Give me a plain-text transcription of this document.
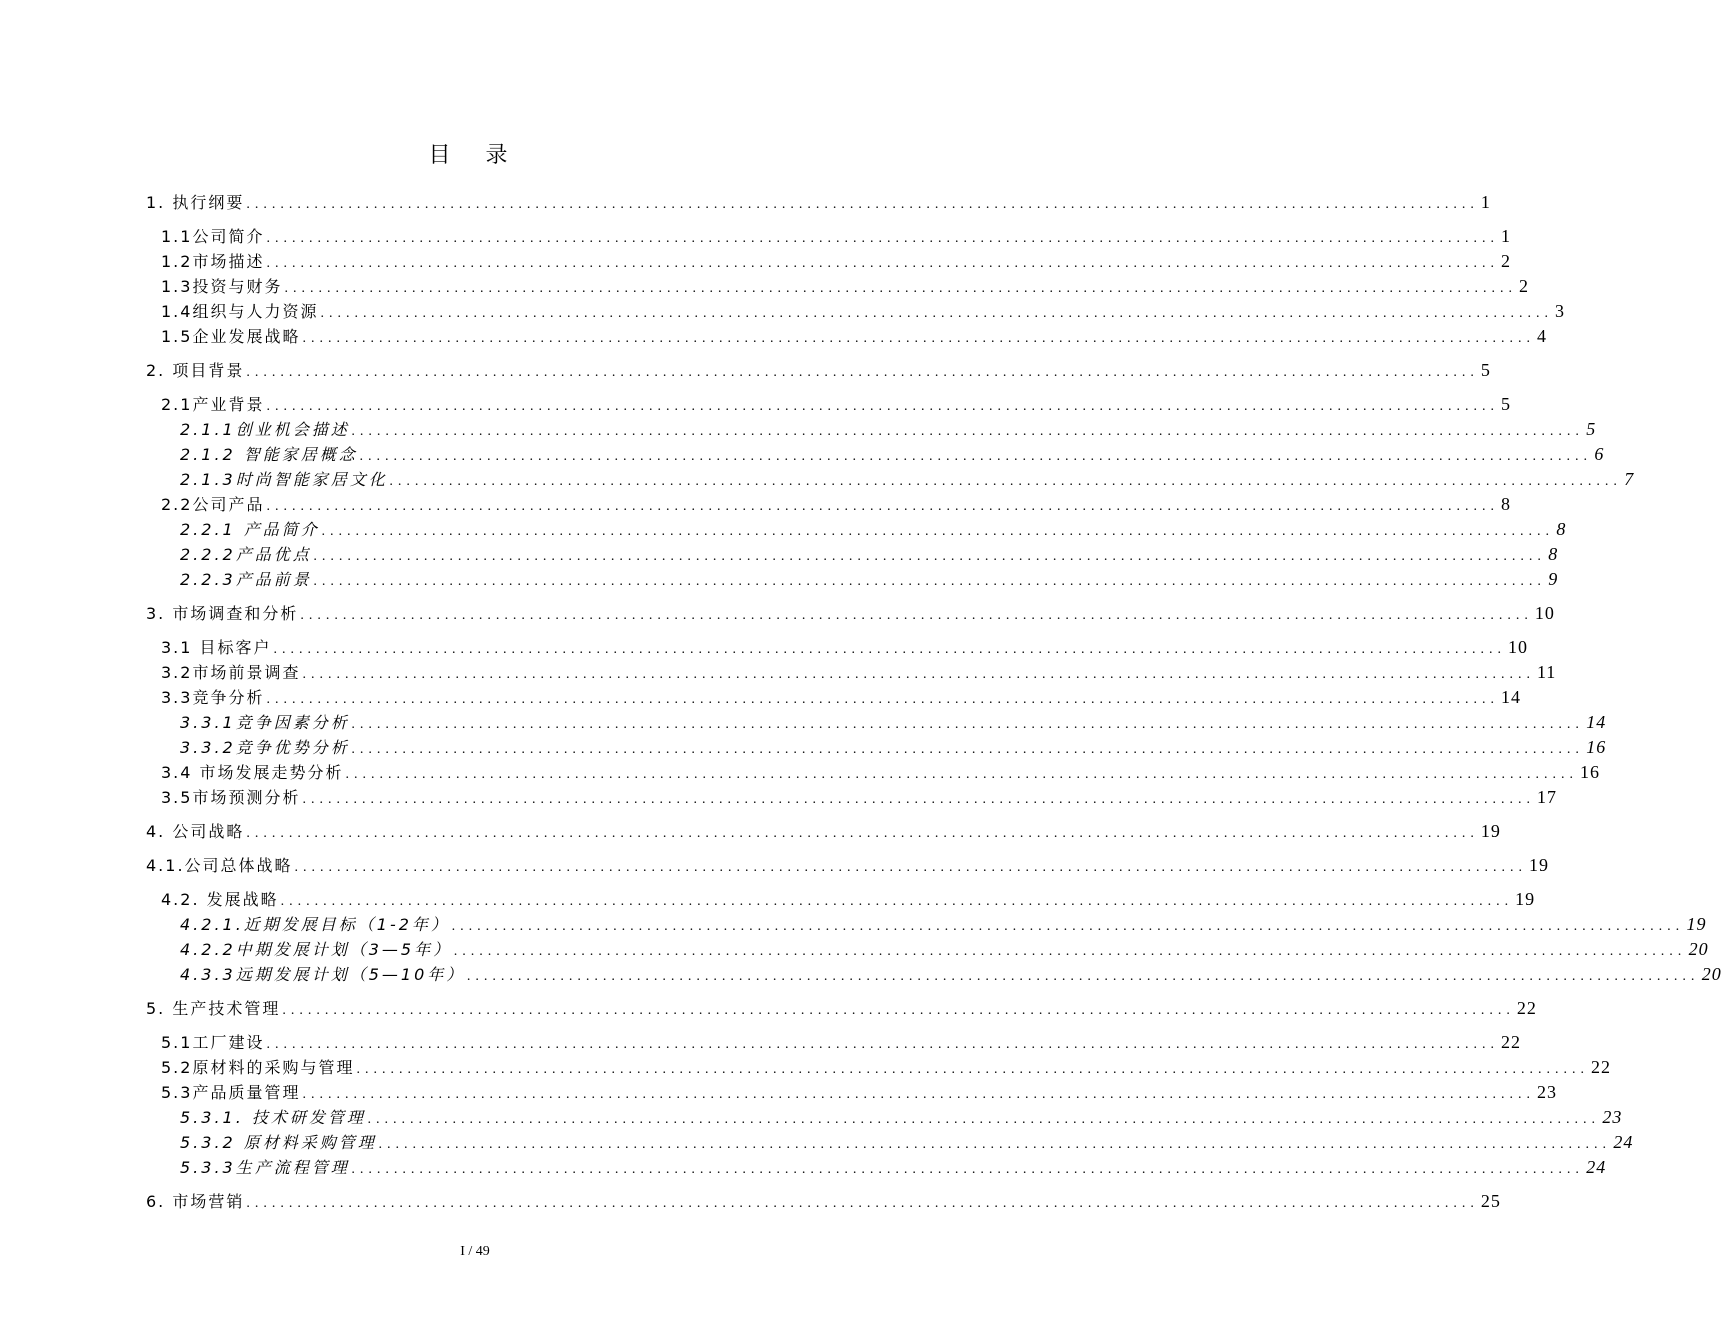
目 录
1. 执行纲要 ................................................................................................................................................. 1
1.1公司简介 ................................................................................................................................................. 1
1.2市场描述 ................................................................................................................................................. 2
1.3投资与财务 ................................................................................................................................................. 2
1.4组织与人力资源 ................................................................................................................................................. 3
1.5企业发展战略 ................................................................................................................................................. 4
2. 项目背景 ................................................................................................................................................. 5
2.1产业背景 ................................................................................................................................................. 5
2.1.1创业机会描述 ................................................................................................................................................. 5
2.1.2 智能家居概念 ................................................................................................................................................. 6
2.1.3时尚智能家居文化 ................................................................................................................................................. 7
2.2公司产品 ................................................................................................................................................. 8
2.2.1 产品简介 ................................................................................................................................................. 8
2.2.2产品优点 ................................................................................................................................................. 8
2.2.3产品前景 ................................................................................................................................................. 9
3. 市场调查和分析 ................................................................................................................................................. 10
3.1 目标客户 ................................................................................................................................................. 10
3.2市场前景调查 ................................................................................................................................................. 11
3.3竞争分析 ................................................................................................................................................. 14
3.3.1竞争因素分析 ................................................................................................................................................. 14
3.3.2竞争优势分析 ................................................................................................................................................. 16
3.4 市场发展走势分析 ................................................................................................................................................. 16
3.5市场预测分析 ................................................................................................................................................. 17
4. 公司战略 ................................................................................................................................................. 19
4.1.公司总体战略 ................................................................................................................................................. 19
4.2. 发展战略 ................................................................................................................................................. 19
4.2.1.近期发展目标（1-2年） ................................................................................................................................................. 19
4.2.2中期发展计划（3—5年） ................................................................................................................................................. 20
4.3.3远期发展计划（5—10年） ................................................................................................................................................. 20
5. 生产技术管理 ................................................................................................................................................. 22
5.1工厂建设 ................................................................................................................................................. 22
5.2原材料的采购与管理 ................................................................................................................................................. 22
5.3产品质量管理 ................................................................................................................................................. 23
5.3.1. 技术研发管理 ................................................................................................................................................. 23
5.3.2 原材料采购管理 ................................................................................................................................................. 24
5.3.3生产流程管理 ................................................................................................................................................. 24
6. 市场营销 ................................................................................................................................................. 25
I / 49
